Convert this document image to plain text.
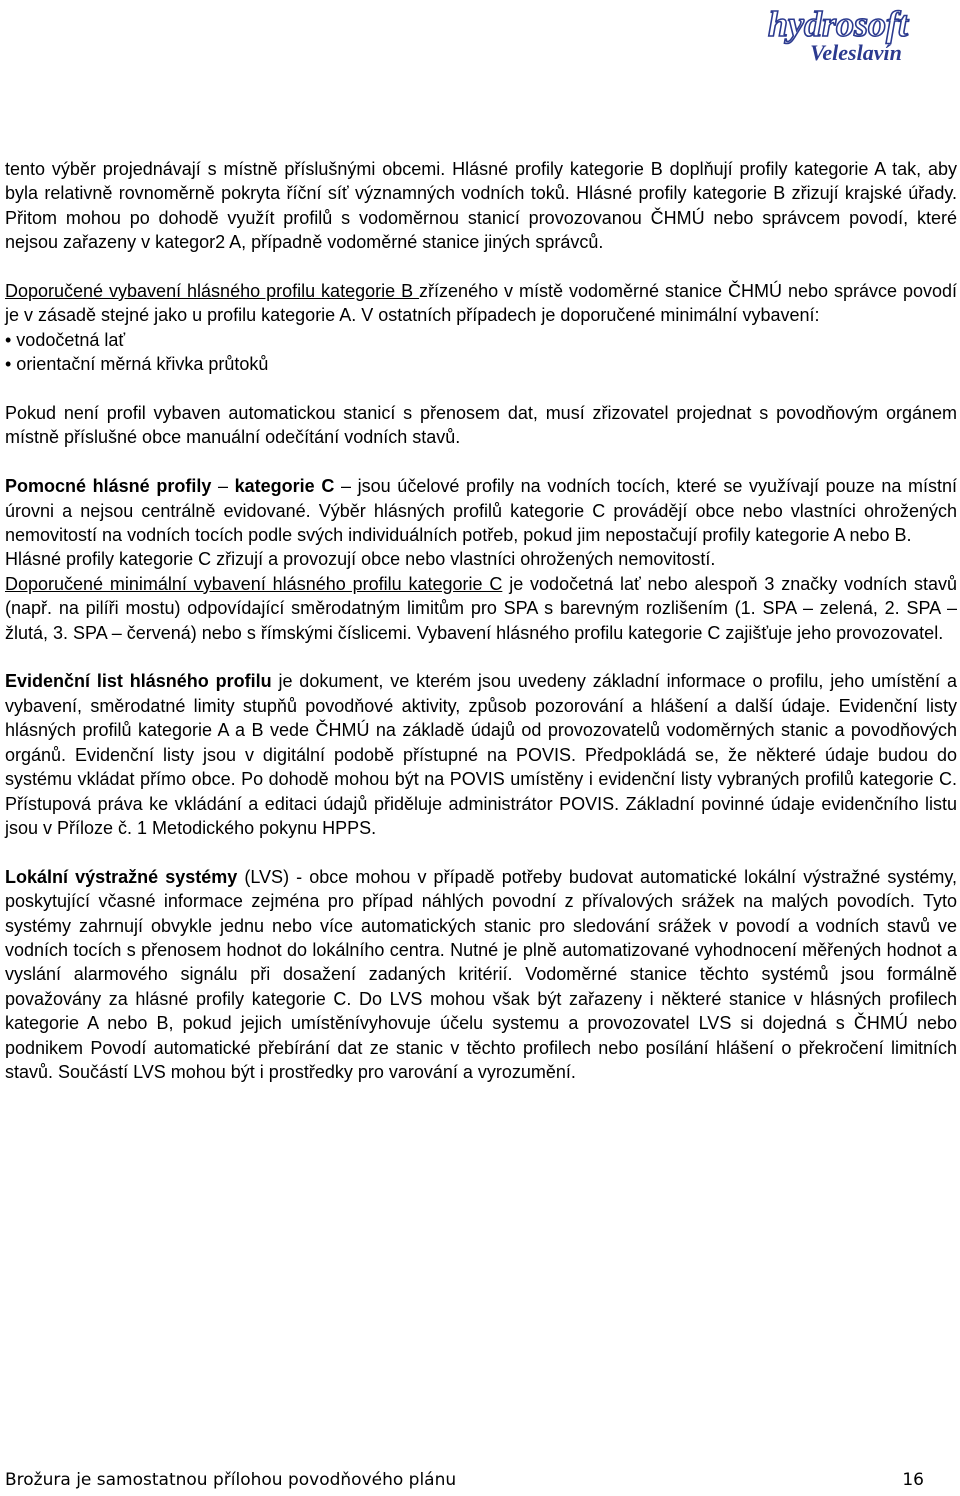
hydrosoft
Veleslavín

tento výběr projednávají s místně příslušnými obcemi. Hlásné profily kategorie B doplňují profily kategorie A tak, aby byla relativně rovnoměrně pokryta říční síť významných vodních toků. Hlásné profily kategorie B zřizují krajské úřady. Přitom mohou po dohodě využít profilů s vodoměrnou stanicí provozovanou ČHMÚ nebo správcem povodí, které nejsou zařazeny v kategor2 A, případně vodoměrné stanice jiných správců.

Doporučené vybavení hlásného profilu kategorie B zřízeného v místě vodoměrné stanice ČHMÚ nebo správce povodí je v zásadě stejné jako u profilu kategorie A. V ostatních případech je doporučené minimální vybavení:

• vodočetná lať

• orientační měrná křivka průtoků

Pokud není profil vybaven automatickou stanicí s přenosem dat, musí zřizovatel projednat s povodňovým orgánem místně příslušné obce manuální odečítání vodních stavů.

Pomocné hlásné profily – kategorie C – jsou účelové profily na vodních tocích, které se využívají pouze na místní úrovni a nejsou centrálně evidované. Výběr hlásných profilů kategorie C provádějí obce nebo vlastníci ohrožených nemovitostí na vodních tocích podle svých individuálních potřeb, pokud jim nepostačují profily kategorie A nebo B.

Hlásné profily kategorie C zřizují a provozují obce nebo vlastníci ohrožených nemovitostí.

Doporučené minimální vybavení hlásného profilu kategorie C je vodočetná lať nebo alespoň 3 značky vodních stavů (např. na pilíři mostu) odpovídající směrodatným limitům pro SPA s barevným rozlišením (1. SPA – zelená, 2. SPA – žlutá, 3. SPA – červená) nebo s římskými číslicemi. Vybavení hlásného profilu kategorie C zajišťuje jeho provozovatel.

Evidenční list hlásného profilu je dokument, ve kterém jsou uvedeny základní informace o profilu, jeho umístění a vybavení, směrodatné limity stupňů povodňové aktivity, způsob pozorování a hlášení a další údaje. Evidenční listy hlásných profilů kategorie A a B vede ČHMÚ na základě údajů od provozovatelů vodoměrných stanic a povodňových orgánů. Evidenční listy jsou v digitální podobě přístupné na POVIS. Předpokládá se, že některé údaje budou do systému vkládat přímo obce. Po dohodě mohou být na POVIS umístěny i evidenční listy vybraných profilů kategorie C. Přístupová práva ke vkládání a editaci údajů přiděluje administrátor POVIS. Základní povinné údaje evidenčního listu jsou v Příloze č. 1 Metodického pokynu HPPS.

Lokální výstražné systémy (LVS) - obce mohou v případě potřeby budovat automatické lokální výstražné systémy, poskytující včasné informace zejména pro případ náhlých povodní z přívalových srážek na malých povodích. Tyto systémy zahrnují obvykle jednu nebo více automatických stanic pro sledování srážek v povodí a vodních stavů ve vodních tocích s přenosem hodnot do lokálního centra. Nutné je plně automatizované vyhodnocení měřených hodnot a vyslání alarmového signálu při dosažení zadaných kritérií. Vodoměrné stanice těchto systémů jsou formálně považovány za hlásné profily kategorie C. Do LVS mohou však být zařazeny i některé stanice v hlásných profilech kategorie A nebo B, pokud jejich umístěnívyhovuje účelu systemu a provozovatel LVS si dojedná s ČHMÚ nebo podnikem Povodí automatické přebírání dat ze stanic v těchto profilech nebo posílání hlášení o překročení limitních stavů. Součástí LVS mohou být i prostředky pro varování a vyrozumění.

Brožura je samostatnou přílohou povodňového plánu	16
